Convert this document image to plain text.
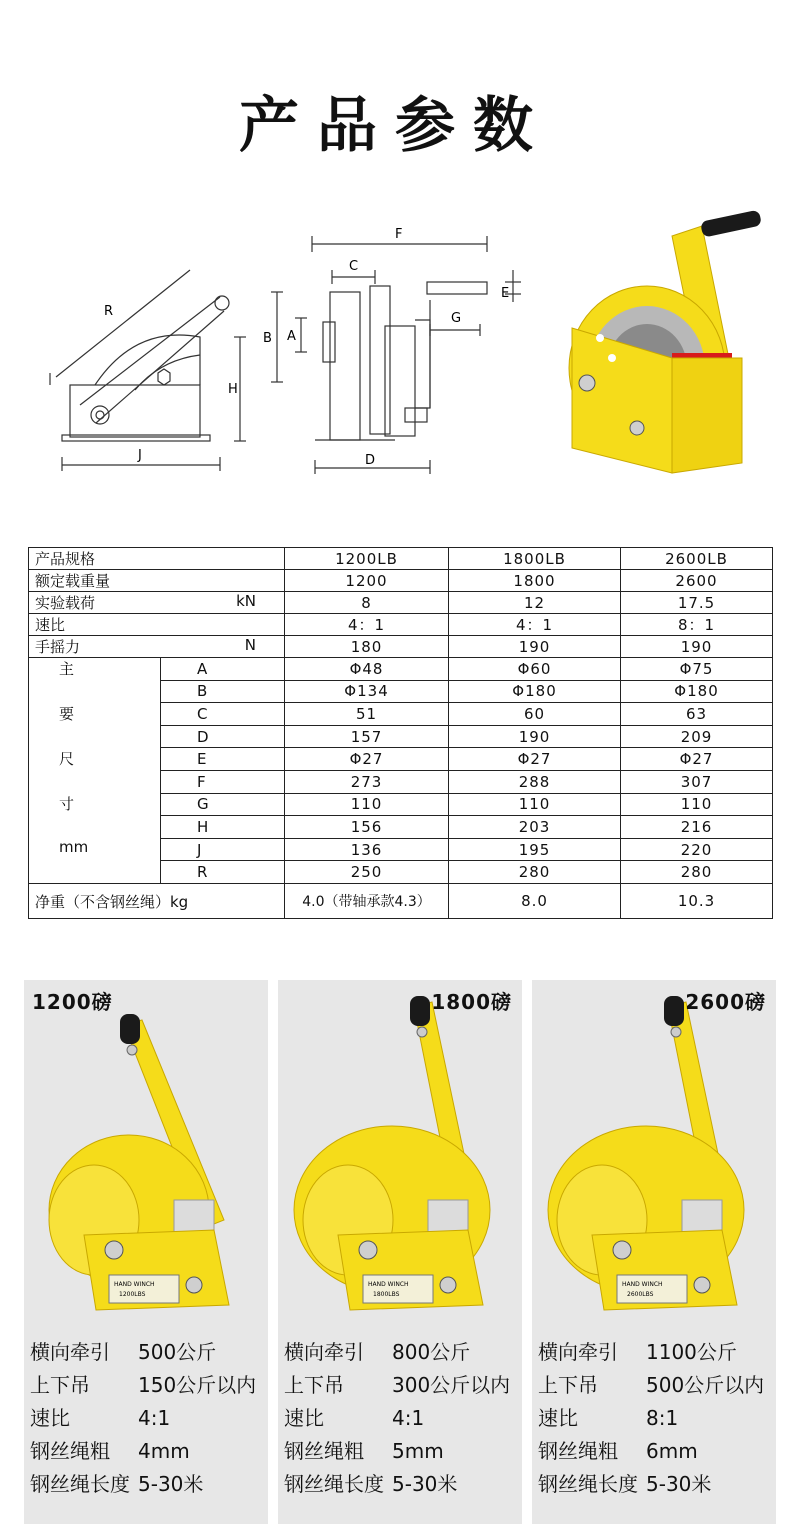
产品参数
R
H
J
F
C
B A
D
G
E
产品规格		1200LB	1800LB	2600LB
额定载重量		1200	1800	2600
实验载荷 kN		8	12	17.5
速比		4：1	4：1	8：1
手摇力 N		180	190	190

主
要
尺
寸
mm	A	Φ48	Φ60	Φ75
	B	Φ134	Φ180	Φ180
	C	51	60	63
	D	157	190	209
	E	Φ27	Φ27	Φ27
	F	273	288	307
	G	110	110	110
	H	156	203	216
	J	136	195	220
	R	250	280	280
净重（不含钢丝绳）kg		4.0（带轴承款4.3）	8.0	10.3
HAND WINCH
1200LBS
1200磅
横向牵引	500公斤
上下吊	150公斤以内
速比	4:1
钢丝绳粗	4mm
钢丝绳长度 5-30米
HAND WINCH
1800LBS
1800磅
横向牵引	800公斤
上下吊	300公斤以内
速比	4:1
钢丝绳粗	5mm
钢丝绳长度 5-30米
HAND WINCH
2600LBS
2600磅
横向牵引	1100公斤
上下吊	500公斤以内
速比	8:1
钢丝绳粗	6mm
钢丝绳长度 5-30米
